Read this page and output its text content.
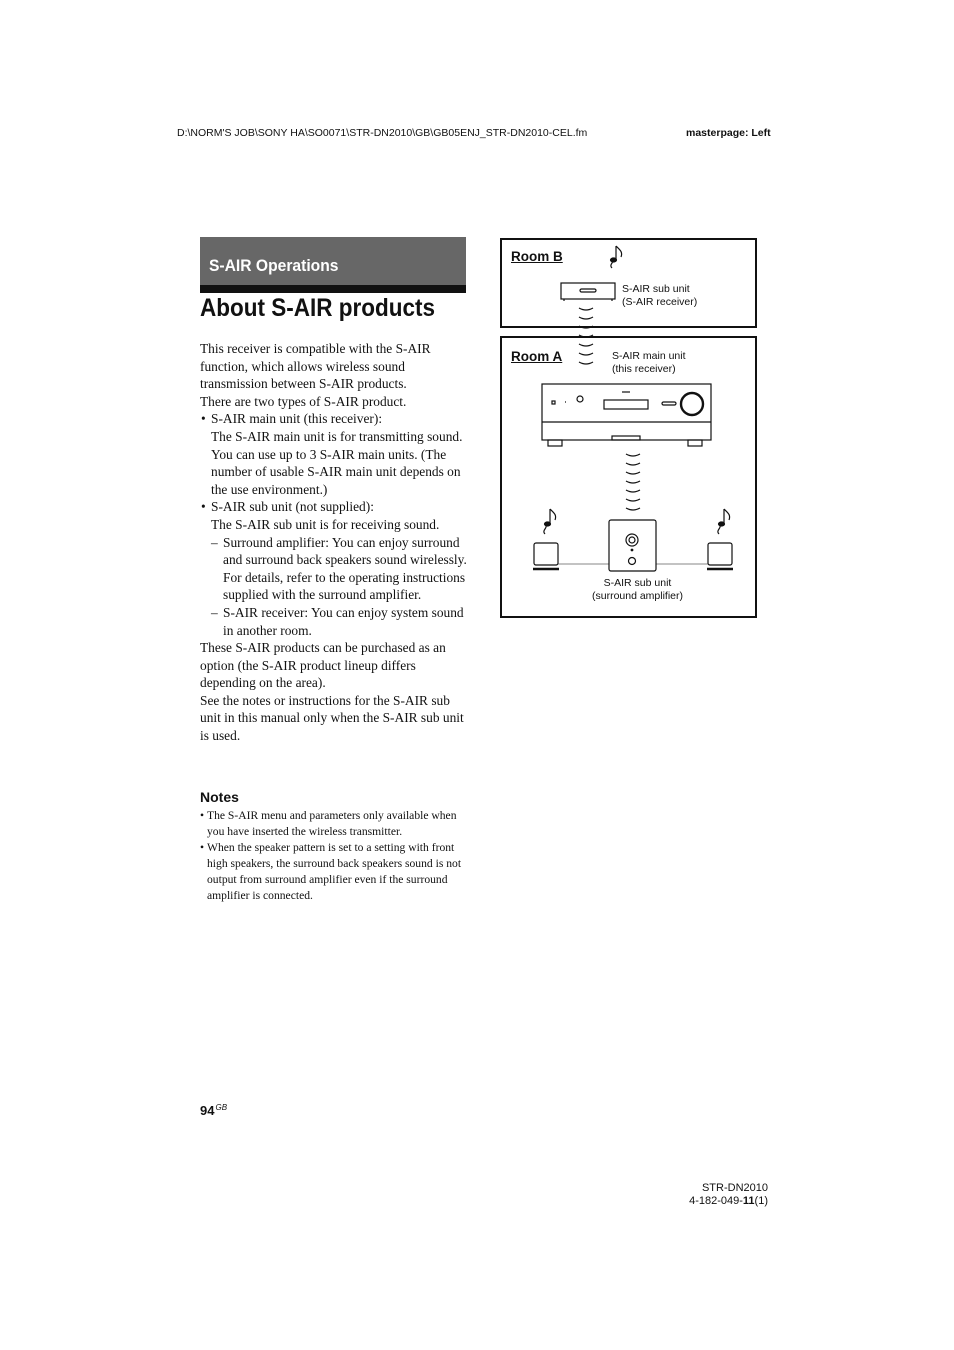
D:\NORM'S JOB\SONY HA\SO0071\STR-DN2010\GB\GB05ENJ_STR-DN2010-CEL.fm	masterpage: Left
S-AIR Operations
About S-AIR products

This receiver is compatible with the S-AIR function, which allows wireless sound transmission between S-AIR products.

There are two types of S-AIR product.

• S-AIR main unit (this receiver):

The S-AIR main unit is for transmitting sound.

You can use up to 3 S-AIR main units. (The number of usable S-AIR main unit depends on the use environment.)

• S-AIR sub unit (not supplied):

The S-AIR sub unit is for receiving sound.

– Surround amplifier: You can enjoy surround and surround back speakers sound wirelessly. For details, refer to the operating instructions supplied with the surround amplifier.

– S-AIR receiver: You can enjoy system sound in another room.

These S-AIR products can be purchased as an option (the S-AIR product lineup differs depending on the area).

See the notes or instructions for the S-AIR sub unit in this manual only when the S-AIR sub unit is used.

Notes

• The S-AIR menu and parameters only available when you have inserted the wireless transmitter.

• When the speaker pattern is set to a setting with front high speakers, the surround back speakers sound is not output from surround amplifier even if the surround amplifier is connected.

$94^{GB}$
STR-DN2010
4-182-049-11(1)
Room B
Room A
S-AIR sub unit
(S-AIR receiver)
S-AIR main unit
(this receiver)
S-AIR sub unit
(surround amplifier)
